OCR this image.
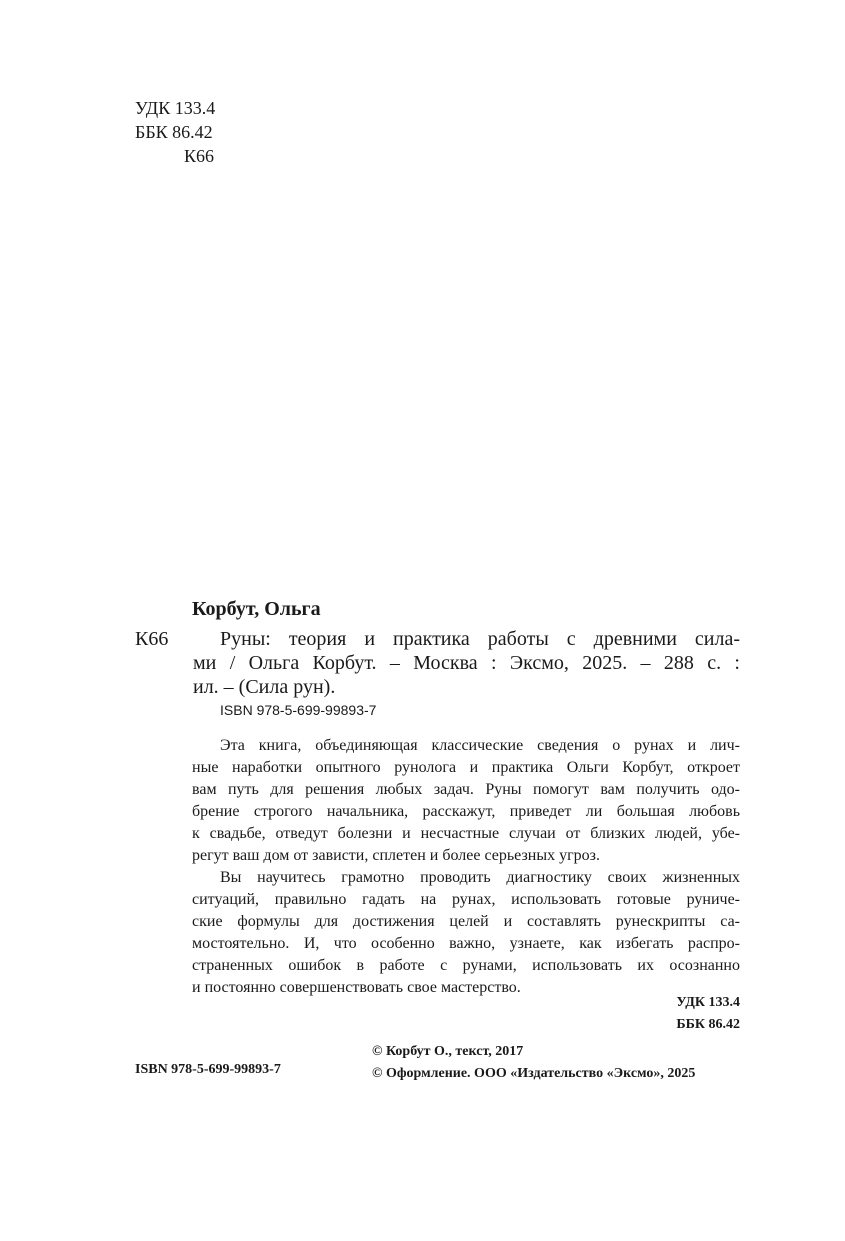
УДК 133.4
ББК 86.42
К66
Корбут, Ольга
К66	Руны: теория и практика работы с древними сила-
ми / Ольга Корбут. – Москва : Эксмо, 2025. – 288 с. :
ил. – (Сила рун).
ISBN 978-5-699-99893-7
Эта книга, объединяющая классические сведения о рунах и лич-
ные наработки опытного рунолога и практика Ольги Корбут, откроет
вам путь для решения любых задач. Руны помогут вам получить одо-
брение строгого начальника, расскажут, приведет ли большая любовь
к свадьбе, отведут болезни и несчастные случаи от близких людей, убе-
регут ваш дом от зависти, сплетен и более серьезных угроз.
Вы научитесь грамотно проводить диагностику своих жизненных
ситуаций, правильно гадать на рунах, использовать готовые руниче-
ские формулы для достижения целей и составлять рунескрипты са-
мостоятельно. И, что особенно важно, узнаете, как избегать распро-
страненных ошибок в работе с рунами, использовать их осознанно
и постоянно совершенствовать свое мастерство.
УДК 133.4
ББК 86.42
ISBN 978-5-699-99893-7
© Корбут О., текст, 2017
© Оформление. ООО «Издательство «Эксмо», 2025
